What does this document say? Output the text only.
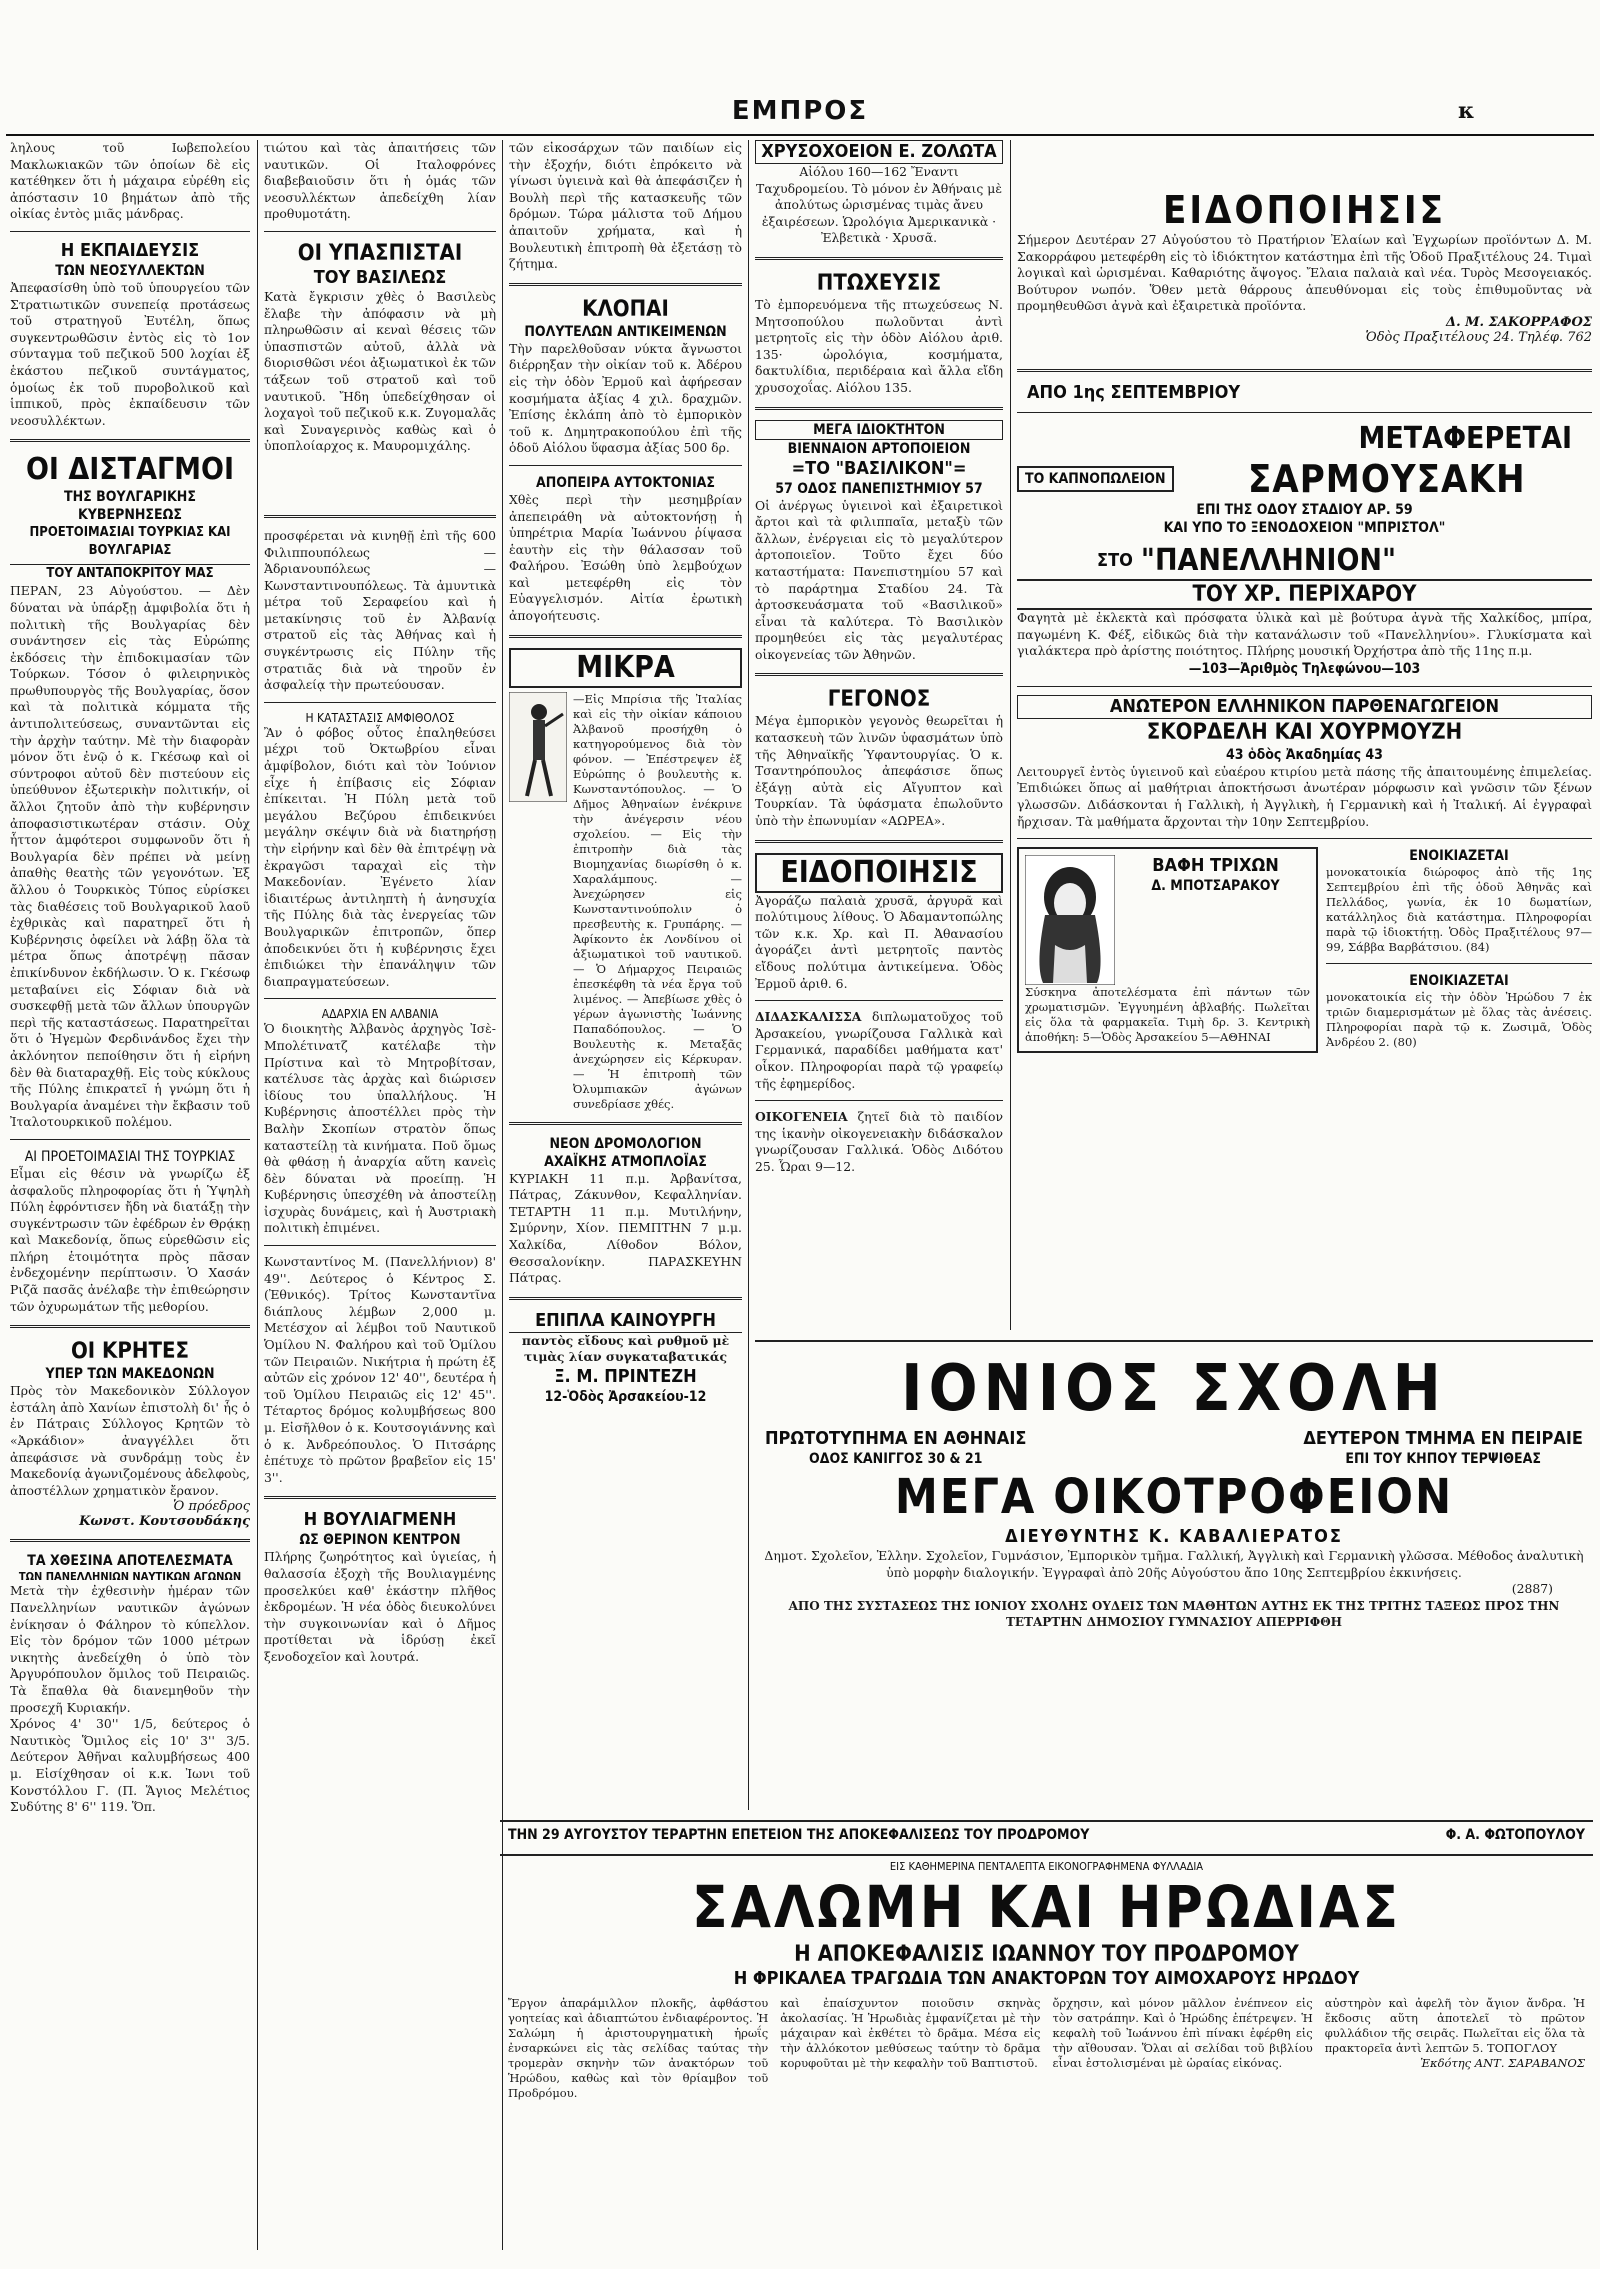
ΕΜΠΡΟΣ	κ

ληλους τοῦ Ιωβεπολείου Μακλωκιακῶν τῶν ὁποίων δὲ εἰς κατέθηκεν ὅτι ἡ μάχαιρα εὑρέθη εἰς ἀπόστασιν 10 βημάτων ἀπὸ τῆς οἰκίας ἐντὸς μιᾶς μάνδρας.

Η ΕΚΠΑΙΔΕΥΣΙΣ

ΤΩΝ ΝΕΟΣΥΛΛΕΚΤΩΝ

Ἀπεφασίσθη ὑπὸ τοῦ ὑπουργείου τῶν Στρατιωτικῶν συνεπείᾳ προτάσεως τοῦ στρατηγοῦ Ἐυτέλη, ὅπως συγκεντρωθῶσιν ἐντὸς εἰς τὸ 1ον σύνταγμα τοῦ πεζικοῦ 500 λοχίαι ἐξ ἑκάστου πεζικοῦ συντάγματος, ὁμοίως ἐκ τοῦ πυροβολικοῦ καὶ ἱππικοῦ, πρὸς ἐκπαίδευσιν τῶν νεοσυλλέκτων.

ΟΙ ΔΙΣΤΑΓΜΟΙ

ΤΗΣ ΒΟΥΛΓΑΡΙΚΗΣ ΚΥΒΕΡΝΗΣΕΩΣ

ΠΡΟΕΤΟΙΜΑΣΙΑΙ ΤΟΥΡΚΙΑΣ ΚΑΙ ΒΟΥΛΓΑΡΙΑΣ

ΤΟΥ ΑΝΤΑΠΟΚΡΙΤΟΥ ΜΑΣ

ΠΕΡΑΝ, 23 Αὐγούστου. — Δὲν δύναται νὰ ὑπάρξῃ ἀμφιβολία ὅτι ἡ πολιτικὴ τῆς Βουλγαρίας δὲν συνάντησεν εἰς τὰς Εὐρώπης ἐκδόσεις τὴν ἐπιδοκιμασίαν τῶν Τούρκων. Τόσον ὁ φιλειρηνικὸς πρωθυπουργὸς τῆς Βουλγαρίας, ὅσον καὶ τὰ πολιτικὰ κόμματα τῆς ἀντιπολιτεύσεως, συναντῶνται εἰς τὴν ἀρχὴν ταύτην. Μὲ τὴν διαφορὰν μόνον ὅτι ἐνῷ ὁ κ. Γκέσωφ καὶ οἱ σύντροφοι αὐτοῦ δὲν πιστεύουν εἰς ὑπεύθυνον ἐξωτερικὴν πολιτικήν, οἱ ἄλλοι ζητοῦν ἀπὸ τὴν κυβέρνησιν ἀποφασιστικωτέραν στάσιν. Οὐχ ἧττον ἀμφότεροι συμφωνοῦν ὅτι ἡ Βουλγαρία δὲν πρέπει νὰ μείνῃ ἀπαθὴς θεατὴς τῶν γεγονότων. Ἐξ ἄλλου ὁ Τουρκικὸς Τύπος εὑρίσκει τὰς διαθέσεις τοῦ Βουλγαρικοῦ λαοῦ ἐχθρικὰς καὶ παρατηρεῖ ὅτι ἡ Κυβέρνησις ὀφείλει νὰ λάβῃ ὅλα τὰ μέτρα ὅπως ἀποτρέψῃ πᾶσαν ἐπικίνδυνον ἐκδήλωσιν. Ὁ κ. Γκέσωφ μεταβαίνει εἰς Σόφιαν διὰ νὰ συσκεφθῇ μετὰ τῶν ἄλλων ὑπουργῶν περὶ τῆς καταστάσεως. Παρατηρεῖται ὅτι ὁ Ἠγεμὼν Φερδινάνδος ἔχει τὴν ἀκλόνητον πεποίθησιν ὅτι ἡ εἰρήνη δὲν θὰ διαταραχθῇ. Εἰς τοὺς κύκλους τῆς Πύλης ἐπικρατεῖ ἡ γνώμη ὅτι ἡ Βουλγαρία ἀναμένει τὴν ἔκβασιν τοῦ Ἰταλοτουρκικοῦ πολέμου.

ΑΙ ΠΡΟΕΤΟΙΜΑΣΙΑΙ ΤΗΣ ΤΟΥΡΚΙΑΣ

Εἶμαι εἰς θέσιν νὰ γνωρίζω ἐξ ἀσφαλοῦς πληροφορίας ὅτι ἡ Ὑψηλὴ Πύλη ἐφρόντισεν ἤδη νὰ διατάξῃ τὴν συγκέντρωσιν τῶν ἐφέδρων ἐν Θρᾴκῃ καὶ Μακεδονίᾳ, ὅπως εὑρεθῶσιν εἰς πλήρη ἑτοιμότητα πρὸς πᾶσαν ἐνδεχομένην περίπτωσιν. Ὁ Χασάν Ριζᾶ πασᾶς ἀνέλαβε τὴν ἐπιθεώρησιν τῶν ὀχυρωμάτων τῆς μεθορίου.

ΟΙ ΚΡΗΤΕΣ

ΥΠΕΡ ΤΩΝ ΜΑΚΕΔΟΝΩΝ

Πρὸς τὸν Μακεδονικὸν Σύλλογον ἐστάλη ἀπὸ Χανίων ἐπιστολὴ δι' ἧς ὁ ἐν Πάτραις Σύλλογος Κρητῶν τὸ «Ἀρκάδιον» ἀναγγέλλει ὅτι ἀπεφάσισε νὰ συνδράμῃ τοὺς ἐν Μακεδονίᾳ ἀγωνιζομένους ἀδελφοὺς, ἀποστέλλων χρηματικὸν ἔρανον.

Ὁ πρόεδρος

Κωνστ. Κουτσουδάκης

ΤΑ ΧΘΕΣΙΝΑ ΑΠΟΤΕΛΕΣΜΑΤΑ

ΤΩΝ ΠΑΝΕΛΛΗΝΙΩΝ ΝΑΥΤΙΚΩΝ ΑΓΩΝΩΝ

Μετὰ τὴν ἐχθεσινὴν ἡμέραν τῶν Πανελληνίων ναυτικῶν ἀγώνων ἐνίκησαν ὁ Φάληρον τὸ κύπελλον. Εἰς τὸν δρόμον τῶν 1000 μέτρων νικητὴς ἀνεδείχθη ὁ ὑπὸ τὸν Ἀργυρόπουλον ὅμιλος τοῦ Πειραιῶς. Τὰ ἔπαθλα θὰ διανεμηθοῦν τὴν προσεχῆ Κυριακήν.

Χρόνος 4' 30'' 1/5, δεύτερος ὁ Ναυτικὸς Ὅμιλος εἰς 10' 3'' 3/5. Δεύτερον Ἀθῆναι καλυμβήσεως 400 μ. Εἰσίχθησαν οἱ κ.κ. Ἰωνι τοῦ Κονστόλλου Γ. (Π. Ἅγιος Μελέτιος Συδύτης 8' 6'' 119. Ὅπ.

τιώτου καὶ τὰς ἀπαιτήσεις τῶν ναυτικῶν. Οἱ Ιταλοφρόνες διαβεβαιοῦσιν ὅτι ἡ ὁμάς τῶν νεοσυλλέκτων ἀπεδείχθη λίαν προθυμοτάτη.

ΟΙ ΥΠΑΣΠΙΣΤΑΙ

ΤΟΥ ΒΑΣΙΛΕΩΣ

Κατὰ ἔγκρισιν χθὲς ὁ Βασιλεὺς ἔλαβε τὴν ἀπόφασιν νὰ μὴ πληρωθῶσιν αἱ κεναὶ θέσεις τῶν ὑπασπιστῶν αὐτοῦ, ἀλλὰ νὰ διορισθῶσι νέοι ἀξιωματικοὶ ἐκ τῶν τάξεων τοῦ στρατοῦ καὶ τοῦ ναυτικοῦ. Ἤδη ὑπεδείχθησαν οἱ λοχαγοὶ τοῦ πεζικοῦ κ.κ. Ζυγομαλᾶς καὶ Συναγερινὸς καθὼς καὶ ὁ ὑποπλοίαρχος κ. Μαυρομιχάλης.

προσφέρεται νὰ κινηθῇ ἐπὶ τῆς 600 Φιλιππουπόλεως — Ἁδριανουπόλεως — Κωνσταντινουπόλεως. Τὰ ἀμυντικὰ μέτρα τοῦ Σεραφείου καὶ ἡ μετακίνησις τοῦ ἐν Ἀλβανίᾳ στρατοῦ εἰς τὰς Ἀθήνας καὶ ἡ συγκέντρωσις εἰς Πύλην τῆς στρατιᾶς διὰ νὰ τηροῦν ἐν ἀσφαλείᾳ τὴν πρωτεύουσαν.

Η ΚΑΤΑΣΤΑΣΙΣ ΑΜΦΙΘΟΛΟΣ

Ἂν ὁ φόβος οὗτος ἐπαληθεύσει μέχρι τοῦ Ὀκτωβρίου εἶναι ἀμφίβολον, διότι καὶ τὸν Ἰούνιον εἶχε ἡ ἐπίβασις εἰς Σόφιαν ἐπίκειται. Ἡ Πύλη μετὰ τοῦ μεγάλου Βεζύρου ἐπιδεικνύει μεγάλην σκέψιν διὰ νὰ διατηρήσῃ τὴν εἰρήνην καὶ δὲν θὰ ἐπιτρέψῃ νὰ ἐκραγῶσι ταραχαὶ εἰς τὴν Μακεδονίαν. Ἐγένετο λίαν ἰδιαιτέρως ἀντιληπτὴ ἡ ἀνησυχία τῆς Πύλης διὰ τὰς ἐνεργείας τῶν Βουλγαρικῶν ἐπιτροπῶν, ὅπερ ἀποδεικνύει ὅτι ἡ κυβέρνησις ἔχει ἐπιδιώκει τὴν ἐπανάληψιν τῶν διαπραγματεύσεων.

ΑΔΑΡΧΙΑ ΕΝ ΑΛΒΑΝΙΑ

Ὁ διοικητὴς Ἀλβανὸς ἀρχηγὸς Ἰσὲ-Μπολέτινατζ κατέλαβε τὴν Πρίστινα καὶ τὸ Μητροβίτσαν, κατέλυσε τὰς ἀρχὰς καὶ διώρισεν ἰδίους του ὑπαλλήλους. Ἡ Κυβέρνησις ἀποστέλλει πρὸς τὴν Βαλὴν Σκοπίων στρατὸν ὅπως καταστείλῃ τὰ κινήματα. Ποῦ ὅμως θὰ φθάσῃ ἡ ἀναρχία αὕτη κανεὶς δὲν δύναται νὰ προείπῃ. Ἡ Κυβέρνησις ὑπεσχέθη νὰ ἀποστείλῃ ἰσχυρὰς δυνάμεις, καὶ ἡ Ἀυστριακὴ πολιτικὴ ἐπιμένει.

Κωνσταντίνος Μ. (Πανελλήνιον) 8' 49''. Δεύτερος ὁ Κέντρος Σ. (Ἐθνικός). Τρίτος Κωνσταντῖνα διάπλους λέμβων 2,000 μ. Μετέσχον αἱ λέμβοι τοῦ Ναυτικοῦ Ὁμίλου Ν. Φαλήρου καὶ τοῦ Ὁμίλου τῶν Πειραιῶν. Νικήτρια ἡ πρώτη ἐξ αὐτῶν εἰς χρόνον 12' 40'', δευτέρα ἡ τοῦ Ὁμίλου Πειραιῶς εἰς 12' 45''. Τέταρτος δρόμος κολυμβήσεως 800 μ. Εἰσῆλθον ὁ κ. Κουτσογιάννης καὶ ὁ κ. Ἀνδρεόπουλος. Ὁ Πιτσάρης ἐπέτυχε τὸ πρῶτον βραβεῖον εἰς 15' 3''.

Η ΒΟΥΛΙΑΓΜΕΝΗ

ΩΣ ΘΕΡΙΝΟΝ ΚΕΝΤΡΟΝ

Πλήρης ζωηρότητος καὶ ὑγιείας, ἡ θαλασσία ἐξοχὴ τῆς Βουλιαγμένης προσελκύει καθ' ἑκάστην πλῆθος ἐκδρομέων. Ἡ νέα ὁδὸς διευκολύνει τὴν συγκοινωνίαν καὶ ὁ Δῆμος προτίθεται νὰ ἱδρύσῃ ἐκεῖ ξενοδοχεῖον καὶ λουτρά.

τῶν εἰκοσάρχων τῶν παιδίων εἰς τὴν ἐξοχήν, διότι ἐπρόκειτο νὰ γίνωσι ὑγιεινὰ καὶ θὰ ἀπεφάσιζεν ἡ Βουλὴ περὶ τῆς κατασκευῆς τῶν δρόμων. Τώρα μάλιστα τοῦ Δήμου ἀπαιτοῦν χρήματα, καὶ ἡ Βουλευτικὴ ἐπιτροπὴ θὰ ἐξετάσῃ τὸ ζήτημα.

ΚΛΟΠΑΙ

ΠΟΛΥΤΕΛΩΝ ΑΝΤΙΚΕΙΜΕΝΩΝ

Τὴν παρελθοῦσαν νύκτα ἄγνωστοι διέρρηξαν τὴν οἰκίαν τοῦ κ. Ἀδέρου εἰς τὴν ὁδὸν Ἐρμοῦ καὶ ἀφήρεσαν κοσμήματα ἀξίας 4 χιλ. δραχμῶν. Ἐπίσης ἐκλάπη ἀπὸ τὸ ἐμπορικὸν τοῦ κ. Δημητρακοπούλου ἐπὶ τῆς ὁδοῦ Αἰόλου ὕφασμα ἀξίας 500 δρ.

ΑΠΟΠΕΙΡΑ ΑΥΤΟΚΤΟΝΙΑΣ

Χθὲς περὶ τὴν μεσημβρίαν ἀπεπειράθη νὰ αὐτοκτονήσῃ ἡ ὑπηρέτρια Μαρία Ἰωάννου ῥίψασα ἑαυτὴν εἰς τὴν θάλασσαν τοῦ Φαλήρου. Ἐσώθη ὑπὸ λεμβούχων καὶ μετεφέρθη εἰς τὸν Εὐαγγελισμόν. Αἰτία ἐρωτικὴ ἀπογοήτευσις.

ΜΙΚΡΑ

—Εἰς Μπρίσια τῆς Ἰταλίας καὶ εἰς τὴν οἰκίαν κάποιου Ἀλβανοῦ προσήχθη ὁ κατηγορούμενος διὰ τὸν φόνον. — Ἐπέστρεψεν ἐξ Εὐρώπης ὁ βουλευτὴς κ. Κωνσταντόπουλος. — Ὁ Δῆμος Ἀθηναίων ἐνέκρινε τὴν ἀνέγερσιν νέου σχολείου. — Εἰς τὴν ἐπιτροπὴν διὰ τὰς Βιομηχανίας διωρίσθη ὁ κ. Χαραλάμπους. — Ἀνεχώρησεν εἰς Κωνσταντινούπολιν ὁ πρεσβευτὴς κ. Γρυπάρης. — Ἀφίκοντο ἐκ Λονδίνου οἱ ἀξιωματικοὶ τοῦ ναυτικοῦ. — Ὁ Δήμαρχος Πειραιῶς ἐπεσκέφθη τὰ νέα ἔργα τοῦ λιμένος. — Ἀπεβίωσε χθὲς ὁ γέρων ἀγωνιστὴς Ἰωάννης Παπαδόπουλος. — Ὁ Βουλευτὴς κ. Μεταξᾶς ἀνεχώρησεν εἰς Κέρκυραν. — Ἡ ἐπιτροπὴ τῶν Ὀλυμπιακῶν ἀγώνων συνεδρίασε χθές.

ΝΕΟΝ ΔΡΟΜΟΛΟΓΙΟΝ

ΑΧΑΪΚΗΣ ΑΤΜΟΠΛΟΪΑΣ

ΚΥΡΙΑΚΗ 11 π.μ. Ἀρβανίτσα, Πάτρας, Ζάκυνθον, Κεφαλληνίαν. ΤΕΤΑΡΤΗ 11 π.μ. Μυτιλήνην, Σμύρνην, Χίον. ΠΕΜΠΤΗΝ 7 μ.μ. Χαλκίδα, Λίθοδον Βόλον, Θεσσαλονίκην. ΠΑΡΑΣΚΕΥΗΝ Πάτρας.

ΕΠΙΠΛΑ ΚΑΙΝΟΥΡΓΗ

παντὸς εἴδους καὶ ρυθμοῦ μὲ τιμὰς λίαν συγκαταβατικάς

Ξ. Μ. ΠΡΙΝΤΕΖΗ

12-Ὁδὸς Ἀρσακείου-12

ΧΡΥΣΟΧΟΕΙΟΝ Ε. ΖΟΛΩΤΑ

Αἰόλου 160—162 Ἔναντι Ταχυδρομείου. Τὸ μόνον ἐν Ἀθήναις μὲ ἀπολύτως ὡρισμένας τιμὰς ἄνευ ἐξαιρέσεων. Ὡρολόγια Ἀμερικανικὰ · Ἐλβετικὰ · Χρυσᾶ.

ΠΤΩΧΕΥΣΙΣ

Τὸ ἐμπορευόμενα τῆς πτωχεύσεως Ν. Μητσοπούλου πωλοῦνται ἀντὶ μετρητοῖς εἰς τὴν ὁδὸν Αἰόλου ἀριθ. 135· ὡρολόγια, κοσμήματα, δακτυλίδια, περιδέραια καὶ ἄλλα εἴδη χρυσοχοΐας. Αἰόλου 135.

ΜΕΓΑ ΙΔΙΟΚΤΗΤΟΝ

ΒΙΕΝΝΑΙΟΝ ΑΡΤΟΠΟΙΕΙΟΝ

=ΤΟ "ΒΑΣΙΛΙΚΟΝ"=

57 ΟΔΟΣ ΠΑΝΕΠΙΣΤΗΜΙΟΥ 57

Οἱ ἀνέργως ὑγιεινοὶ καὶ ἐξαιρετικοὶ ἄρτοι καὶ τὰ φιλιππαῖα, μεταξὺ τῶν ἄλλων, ἐνέργειαι εἰς τὸ μεγαλύτερον ἀρτοποιεῖον. Τοῦτο ἔχει δύο καταστήματα: Πανεπιστημίου 57 καὶ τὸ παράρτημα Σταδίου 24. Τὰ ἀρτοσκευάσματα τοῦ «Βασιλικοῦ» εἶναι τὰ καλύτερα. Τὸ Βασιλικὸν προμηθεύει εἰς τὰς μεγαλυτέρας οἰκογενείας τῶν Ἀθηνῶν.

ΓΕΓΟΝΟΣ

Μέγα ἐμπορικὸν γεγονὸς θεωρεῖται ἡ κατασκευὴ τῶν λινῶν ὑφασμάτων ὑπὸ τῆς Ἀθηναϊκῆς Ὑφαντουργίας. Ὁ κ. Τσαντηρόπουλος ἀπεφάσισε ὅπως ἐξάγῃ αὐτὰ εἰς Αἴγυπτον καὶ Τουρκίαν. Τὰ ὑφάσματα ἐπωλοῦντο ὑπὸ τὴν ἐπωνυμίαν «ΑΩΡΕΑ».

ΕΙΔΟΠΟΙΗΣΙΣ

Ἀγοράζω παλαιὰ χρυσᾶ, ἀργυρᾶ καὶ πολύτιμους λίθους. Ὁ Ἀδαμαντοπώλης τῶν κ.κ. Χρ. καὶ Π. Ἀθανασίου ἀγοράζει ἀντὶ μετρητοῖς παντὸς εἴδους πολύτιμα ἀντικείμενα. Ὁδὸς Ἐρμοῦ ἀριθ. 6.

ΔΙΔΑΣΚΑΛΙΣΣΑ διπλωματοῦχος τοῦ Ἀρσακείου, γνωρίζουσα Γαλλικὰ καὶ Γερμανικά, παραδίδει μαθήματα κατ' οἶκον. Πληροφορίαι παρὰ τῷ γραφείῳ τῆς ἐφημερίδος.

ΟΙΚΟΓΕΝΕΙΑ ζητεῖ διὰ τὸ παιδίον της ἱκανὴν οἰκογενειακὴν διδάσκαλον γνωρίζουσαν Γαλλικά. Ὁδὸς Διδότου 25. Ὧραι 9—12.

ΕΙΔΟΠΟΙΗΣΙΣ

Σήμερον Δευτέραν 27 Αὐγούστου τὸ Πρατήριον Ἐλαίων καὶ Ἐγχωρίων προϊόντων Δ. Μ. Σακορράφου μετεφέρθη εἰς τὸ ἰδιόκτητον κατάστημα ἐπὶ τῆς Ὁδοῦ Πραξιτέλους 24. Τιμαὶ λογικαὶ καὶ ὡρισμέναι. Καθαριότης ἄψογος. Ἔλαια παλαιὰ καὶ νέα. Τυρὸς Μεσογειακός. Βούτυρον νωπόν. Ὅθεν μετὰ θάρρους ἀπευθύνομαι εἰς τοὺς ἐπιθυμοῦντας νὰ προμηθευθῶσι ἀγνὰ καὶ ἐξαιρετικὰ προϊόντα.

Δ. Μ. ΣΑΚΟΡΡΑΦΟΣ

Ὁδὸς Πραξιτέλους 24. Τηλέφ. 762

ΑΠΟ 1ης ΣΕΠΤΕΜΒΡΙΟΥ

ΜΕΤΑΦΕΡΕΤΑΙ

ΤΟ ΚΑΠΝΟΠΩΛΕΙΟΝ	ΣΑΡΜΟΥΣΑΚΗ

ΕΠΙ ΤΗΣ ΟΔΟΥ ΣΤΑΔΙΟΥ ΑΡ. 59

ΚΑΙ ΥΠΟ ΤΟ ΞΕΝΟΔΟΧΕΙΟΝ "ΜΠΡΙΣΤΟΛ"

ΣΤΟ "ΠΑΝΕΛΛΗΝΙΟΝ"

ΤΟΥ ΧΡ. ΠΕΡΙΧΑΡΟΥ

Φαγητὰ μὲ ἐκλεκτὰ καὶ πρόσφατα ὑλικὰ καὶ μὲ βούτυρα ἀγνὰ τῆς Χαλκίδος, μπίρα, παγωμένη Κ. Φέξ, εἰδικῶς διὰ τὴν κατανάλωσιν τοῦ «Πανελληνίου». Γλυκίσματα καὶ γιαλάκτερα πρὸ ἀρίστης ποιότητος. Πλήρης μουσική Ὀρχήστρα ἀπὸ τῆς 11ης π.μ.

—103—Ἀριθμὸς Τηλεφώνου—103

ΑΝΩΤΕΡΟΝ ΕΛΛΗΝΙΚΟΝ ΠΑΡΘΕΝΑΓΩΓΕΙΟΝ

ΣΚΟΡΔΕΛΗ ΚΑΙ ΧΟΥΡΜΟΥΖΗ

43 ὁδὸς Ἀκαδημίας 43

Λειτουργεῖ ἐντὸς ὑγιεινοῦ καὶ εὐαέρου κτιρίου μετὰ πάσης τῆς ἀπαιτουμένης ἐπιμελείας. Ἐπιδιώκει ὅπως αἱ μαθήτριαι ἀποκτήσωσι ἀνωτέραν μόρφωσιν καὶ γνῶσιν τῶν ξένων γλωσσῶν. Διδάσκονται ἡ Γαλλικὴ, ἡ Ἀγγλικὴ, ἡ Γερμανικὴ καὶ ἡ Ἰταλική. Αἱ ἐγγραφαὶ ἤρχισαν. Τὰ μαθήματα ἄρχονται τὴν 10ην Σεπτεμβρίου.

ΒΑΦΗ ΤΡΙΧΩΝ

Δ. ΜΠΟΤΣΑΡΑΚΟΥ

Σύσκηνα ἀποτελέσματα ἐπὶ πάντων τῶν χρωματισμῶν. Ἐγγυημένη ἀβλαβής. Πωλεῖται εἰς ὅλα τὰ φαρμακεῖα. Τιμὴ δρ. 3. Κεντρικὴ ἀποθήκη: 5—Ὁδὸς Ἀρσακείου 5—ΑΘΗΝΑΙ

ΕΝΟΙΚΙΑΖΕΤΑΙ

μονοκατοικία διώροφος ἀπὸ τῆς 1ης Σεπτεμβρίου ἐπὶ τῆς ὁδοῦ Ἀθηνᾶς καὶ Πελλάδος, γωνία, ἐκ 10 δωματίων, κατάλληλος διὰ κατάστημα. Πληροφορίαι παρὰ τῷ ἰδιοκτήτῃ. Ὁδὸς Πραξιτέλους 97—99, Σάββα Βαρβάτσιου. (84)

ΕΝΟΙΚΙΑΖΕΤΑΙ

μονοκατοικία εἰς τὴν ὁδὸν Ἡρώδου 7 ἐκ τριῶν διαμερισμάτων μὲ ὅλας τὰς ἀνέσεις. Πληροφορίαι παρὰ τῷ κ. Ζωσιμᾶ, Ὁδὸς Ἀνδρέου 2. (80)

ΙΟΝΙΟΣ ΣΧΟΛΗ

ΠΡΩΤΟΤΥΠΗΜΑ ΕΝ ΑΘΗΝΑΙΣ

ΟΔΟΣ ΚΑΝΙΓΓΟΣ 30 & 21

ΔΕΥΤΕΡΟΝ ΤΜΗΜΑ ΕΝ ΠΕΙΡΑΙΕ

ΕΠΙ ΤΟΥ ΚΗΠΟΥ ΤΕΡΨΙΘΕΑΣ

ΜΕΓΑ ΟΙΚΟΤΡΟΦΕΙΟΝ

ΔΙΕΥΘΥΝΤΗΣ Κ. ΚΑΒΑΛΙΕΡΑΤΟΣ

Δημοτ. Σχολεῖον, Ἑλλην. Σχολεῖον, Γυμνάσιον, Ἐμπορικὸν τμῆμα. Γαλλική, Ἀγγλικὴ καὶ Γερμανικὴ γλῶσσα. Μέθοδος ἀναλυτικὴ ὑπὸ μορφὴν διαλογικήν. Ἐγγραφαὶ ἀπὸ 20ῆς Αὐγούστου ἄπο 10ης Σεπτεμβρίου ἐκκινήσεις.

(2887)

ΑΠΟ ΤΗΣ ΣΥΣΤΑΣΕΩΣ ΤΗΣ ΙΟΝΙΟΥ ΣΧΟΛΗΣ ΟΥΔΕΙΣ ΤΩΝ ΜΑΘΗΤΩΝ ΑΥΤΗΣ ΕΚ ΤΗΣ ΤΡΙΤΗΣ ΤΑΞΕΩΣ ΠΡΟΣ ΤΗΝ ΤΕΤΑΡΤΗΝ ΔΗΜΟΣΙΟΥ ΓΥΜΝΑΣΙΟΥ ΑΠΕΡΡΙΦΘΗ

ΤΗΝ 29 ΑΥΓΟΥΣΤΟΥ ΤΕΡΑΡΤΗΝ ΕΠΕΤΕΙΟΝ ΤΗΣ ΑΠΟΚΕΦΑΛΙΣΕΩΣ ΤΟΥ ΠΡΟΔΡΟΜΟΥ	Φ. Α. ΦΩΤΟΠΟΥΛΟΥ

ΕΙΣ ΚΑΘΗΜΕΡΙΝΑ ΠΕΝΤΑΛΕΠΤΑ ΕΙΚΟΝΟΓΡΑΦΗΜΕΝΑ ΦΥΛΛΑΔΙΑ

ΣΑΛΩΜΗ ΚΑΙ ΗΡΩΔΙΑΣ

Η ΑΠΟΚΕΦΑΛΙΣΙΣ ΙΩΑΝΝΟΥ ΤΟΥ ΠΡΟΔΡΟΜΟΥ

Η ΦΡΙΚΑΛΕΑ ΤΡΑΓΩΔΙΑ ΤΩΝ ΑΝΑΚΤΟΡΩΝ ΤΟΥ ΑΙΜΟΧΑΡΟΥΣ ΗΡΩΔΟΥ

Ἔργον ἀπαράμιλλον πλοκῆς, ἀφθάστου γοητείας καὶ ἀδιαπτώτου ἐνδιαφέροντος. Ἡ Σαλώμη ἡ ἀριστουργηματικὴ ἡρωΐς ἐνσαρκώνει εἰς τὰς σελίδας ταύτας τὴν τρομερὰν σκηνὴν τῶν ἀνακτόρων τοῦ Ἡρώδου, καθὼς καὶ τὸν θρίαμβον τοῦ Προδρόμου.

καὶ ἐπαίσχυντον ποιοῦσιν σκηνὰς ἀκολασίας. Ἡ Ἡρωδιὰς ἐμφανίζεται μὲ τὴν μάχαιραν καὶ ἐκθέτει τὸ δρᾶμα. Μέσα εἰς τὴν ἀλλόκοτον μεθύσεως ταύτην τὸ δρᾶμα κορυφοῦται μὲ τὴν κεφαλὴν τοῦ Βαπτιστοῦ.

ὄρχησιν, καὶ μόνον μᾶλλον ἐνέπνεον εἰς τὸν σατράπην. Καὶ ὁ Ἡρώδης ἐπέτρεψεν. Ἡ κεφαλὴ τοῦ Ἰωάννου ἐπὶ πίνακι ἐφέρθη εἰς τὴν αἴθουσαν. Ὅλαι αἱ σελίδαι τοῦ βιβλίου εἶναι ἐστολισμέναι μὲ ὡραίας εἰκόνας.

αὐστηρὸν καὶ ἀφελῆ τὸν ἄγιον ἄνδρα. Ἡ ἔκδοσις αὕτη ἀποτελεῖ τὸ πρῶτον φυλλάδιον τῆς σειρᾶς. Πωλεῖται εἰς ὅλα τὰ πρακτορεῖα ἀντὶ λεπτῶν 5. ΤΟΠΟΓΛΟΥ

Ἐκδότης ΑΝΤ. ΣΑΡΑΒΑΝΟΣ
